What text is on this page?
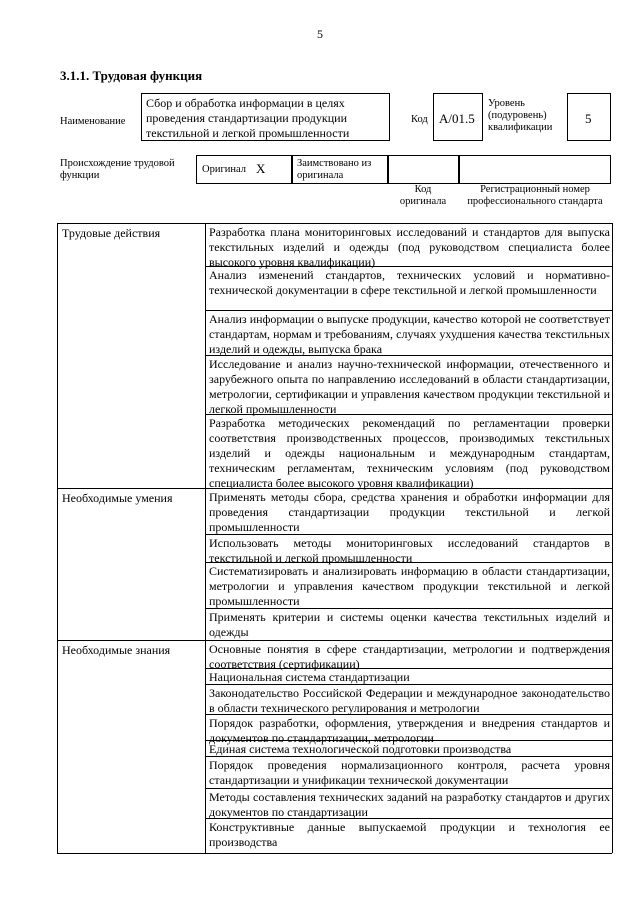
5
3.1.1. Трудовая функция
Наименование
Сбор и обработка информации в целях проведения стандартизации продукции текстильной и легкой промышленности
Код А/01.5
Уровень (подуровень) квалификации
5
Происхождение трудовой функции
Оригинал X	Заимствовано из оригинала
Код оригинала
Регистрационный номер профессионального стандарта
Трудовые действия	Разработка плана мониторинговых исследований и стандартов для выпуска текстильных изделий и одежды (под руководством специалиста более высокого уровня квалификации)
Анализ изменений стандартов, технических условий и нормативно-технической документации в сфере текстильной и легкой промышленности
Анализ информации о выпуске продукции, качество которой не соответствует стандартам, нормам и требованиям, случаях ухудшения качества текстильных изделий и одежды, выпуска брака
Исследование и анализ научно-технической информации, отечественного и зарубежного опыта по направлению исследований в области стандартизации, метрологии, сертификации и управления качеством продукции текстильной и легкой промышленности
Разработка методических рекомендаций по регламентации проверки соответствия производственных процессов, производимых текстильных изделий и одежды национальным и международным стандартам, техническим регламентам, техническим условиям (под руководством специалиста более высокого уровня квалификации)
Необходимые умения	Применять методы сбора, средства хранения и обработки информации для проведения стандартизации продукции текстильной и легкой промышленности
Использовать методы мониторинговых исследований стандартов в текстильной и легкой промышленности
Систематизировать и анализировать информацию в области стандартизации, метрологии и управления качеством продукции текстильной и легкой промышленности
Применять критерии и системы оценки качества текстильных изделий и одежды
Необходимые знания	Основные понятия в сфере стандартизации, метрологии и подтверждения соответствия (сертификации)
Национальная система стандартизации
Законодательство Российской Федерации и международное законодательство в области технического регулирования и метрологии
Порядок разработки, оформления, утверждения и внедрения стандартов и документов по стандартизации, метрологии
Единая система технологической подготовки производства
Порядок проведения нормализационного контроля, расчета уровня стандартизации и унификации технической документации
Методы составления технических заданий на разработку стандартов и других документов по стандартизации
Конструктивные данные выпускаемой продукции и технология ее производства
